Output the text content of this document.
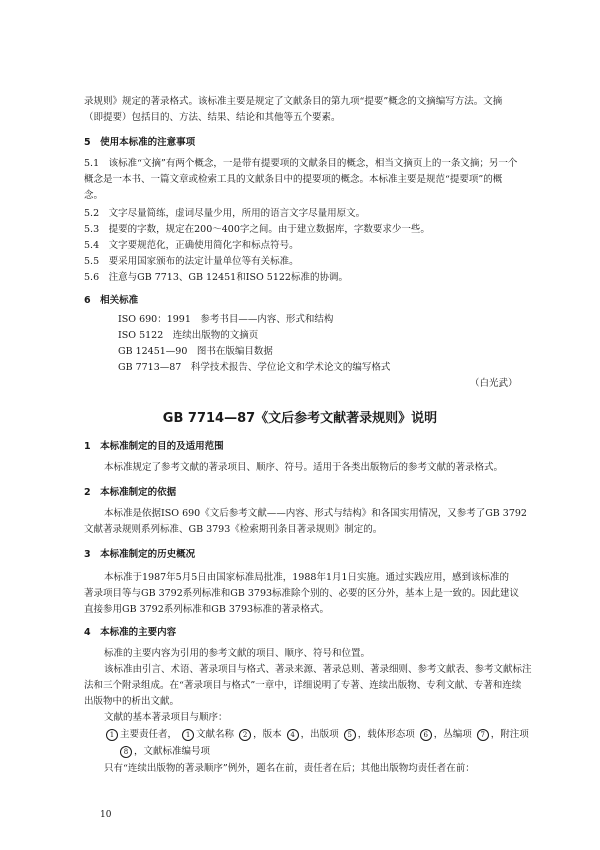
录规则》规定的著录格式。该标准主要是规定了文献条目的第九项“提要”概念的文摘编写方法。文摘
（即提要）包括目的、方法、结果、结论和其他等五个要素。
5　 使用本标准的注意事项
5.1　 该标准“文摘”有两个概念，一是带有提要项的文献条目的概念，相当文摘页上的一条文摘；另一个
概念是一本书、一篇文章或检索工具的文献条目中的提要项的概念。本标准主要是规范“提要项”的概
念。
5.2　 文字尽量简练，虚词尽量少用，所用的语言文字尽量用原文。
5.3　 提要的字数，规定在200～400字之间。由于建立数据库，字数要求少一些。
5.4　 文字要规范化，正确使用简化字和标点符号。
5.5　 要采用国家颁布的法定计量单位等有关标准。
5.6　 注意与GB 7713、GB 12451和ISO 5122标准的协调。
6　 相关标准
ISO 690：1991　参考书目——内容、形式和结构
ISO 5122　连续出版物的文摘页
GB 12451—90　图书在版编目数据
GB 7713—87　科学技术报告、学位论文和学术论文的编写格式
（白光武）
GB 7714—87《文后参考文献著录规则》说明
1　 本标准制定的目的及适用范围
本标准规定了参考文献的著录项目、顺序、符号。适用于各类出版物后的参考文献的著录格式。
2　 本标准制定的依据
本标准是依据ISO 690《文后参考文献——内容、形式与结构》和各国实用情况，又参考了GB 3792
文献著录规则系列标准、GB 3793《检索期刊条目著录规则》制定的。
3　 本标准制定的历史概况
本标准于1987年5月5日由国家标准局批准，1988年1月1日实施。通过实践应用，感到该标准的
著录项目等与GB 3792系列标准和GB 3793标准除个别的、必要的区分外，基本上是一致的。因此建议
直接参用GB 3792系列标准和GB 3793标准的著录格式。
4　 本标准的主要内容
标准的主要内容为引用的参考文献的项目、顺序、符号和位置。
该标准由引言、术语、著录项目与格式、著录来源、著录总则、著录细则、参考文献表、参考文献标注
法和三个附录组成。在“著录项目与格式”一章中，详细说明了专著、连续出版物、专利文献、专著和连续
出版物中的析出文献。
文献的基本著录项目与顺序：
1 主要责任者， 1 文献名称 2 ，版本 4 ，出版项 5 ，载体形态项 6 ，丛编项 7 ，附注项
8 ，文献标准编号项
只有“连续出版物的著录顺序”例外，题名在前，责任者在后；其他出版物均责任者在前：
10
